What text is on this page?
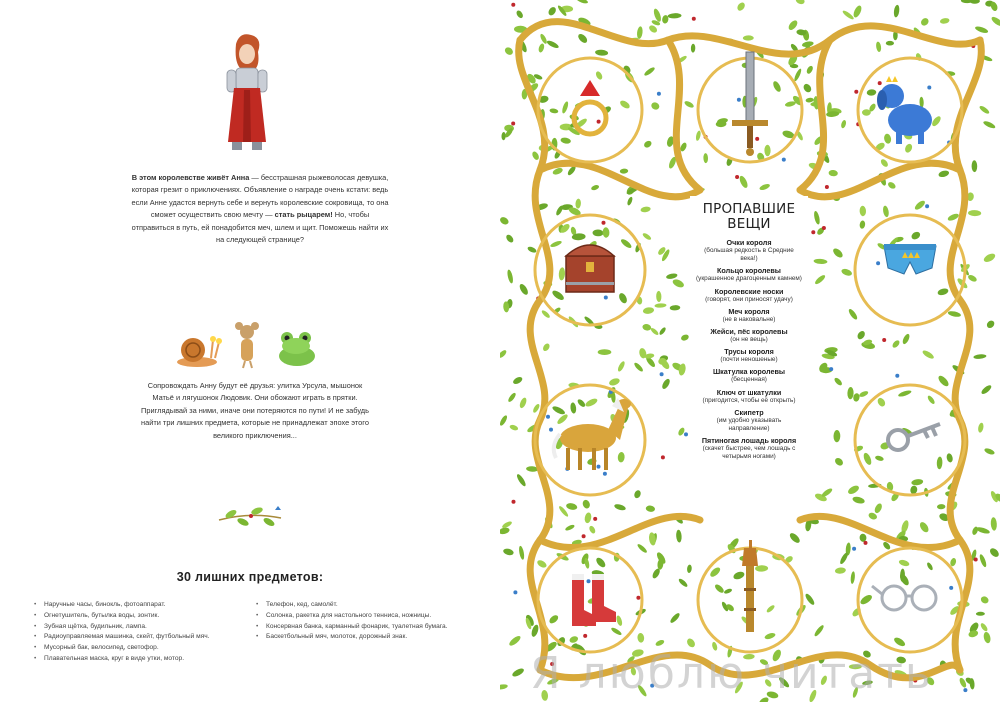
В этом королевстве живёт Анна — бесстрашная рыжеволосая девушка, которая грезит о приключениях. Объявление о награде очень кстати: ведь если Анне удастся вернуть себе и вернуть королевские сокровища, то она сможет осуществить свою мечту — стать рыцарем! Но, чтобы отправиться в путь, ей понадобится меч, шлем и щит. Поможешь найти их на следующей странице?
Сопровождать Анну будут её друзья: улитка Урсула, мышонок Матьё и лягушонок Людовик. Они обожают играть в прятки. Приглядывай за ними, иначе они потеряются по пути! И не забудь найти три лишних предмета, которые не принадлежат эпохе этого великого приключения...
30 лишних предметов:
• Наручные часы, бинокль, фотоаппарат.
• Огнетушитель, бутылка воды, зонтик.
• Зубная щётка, будильник, лампа.
• Радиоуправляемая машинка, скейт, футбольный мяч.
• Мусорный бак, велосипед, светофор.
• Плавательная маска, круг в виде утки, мотор.
• Телефон, кед, самолёт.
• Солонка, ракетка для настольного тенниса, ножницы.
• Консервная банка, карманный фонарик, туалетная бумага.
• Баскетбольный мяч, молоток, дорожный знак.
ПРОПАВШИЕ
ВЕЩИ
Очки короля
(большая редкость в Средние века!)
Кольцо королевы
(украшенное драгоценным камнем)
Королевские носки
(говорят, они приносят удачу)
Меч короля
(не в наковальне)
Жейси, пёс королевы
(он не вещь)
Трусы короля
(почти неношеные)
Шкатулка королевы
(бесценная)
Ключ от шкатулки
(пригодится, чтобы её открыть)
Скипетр
(им удобно указывать направление)
Пятиногая лошадь короля
(скачет быстрее, чем лошадь с четырьмя ногами)
Я люблю читать
